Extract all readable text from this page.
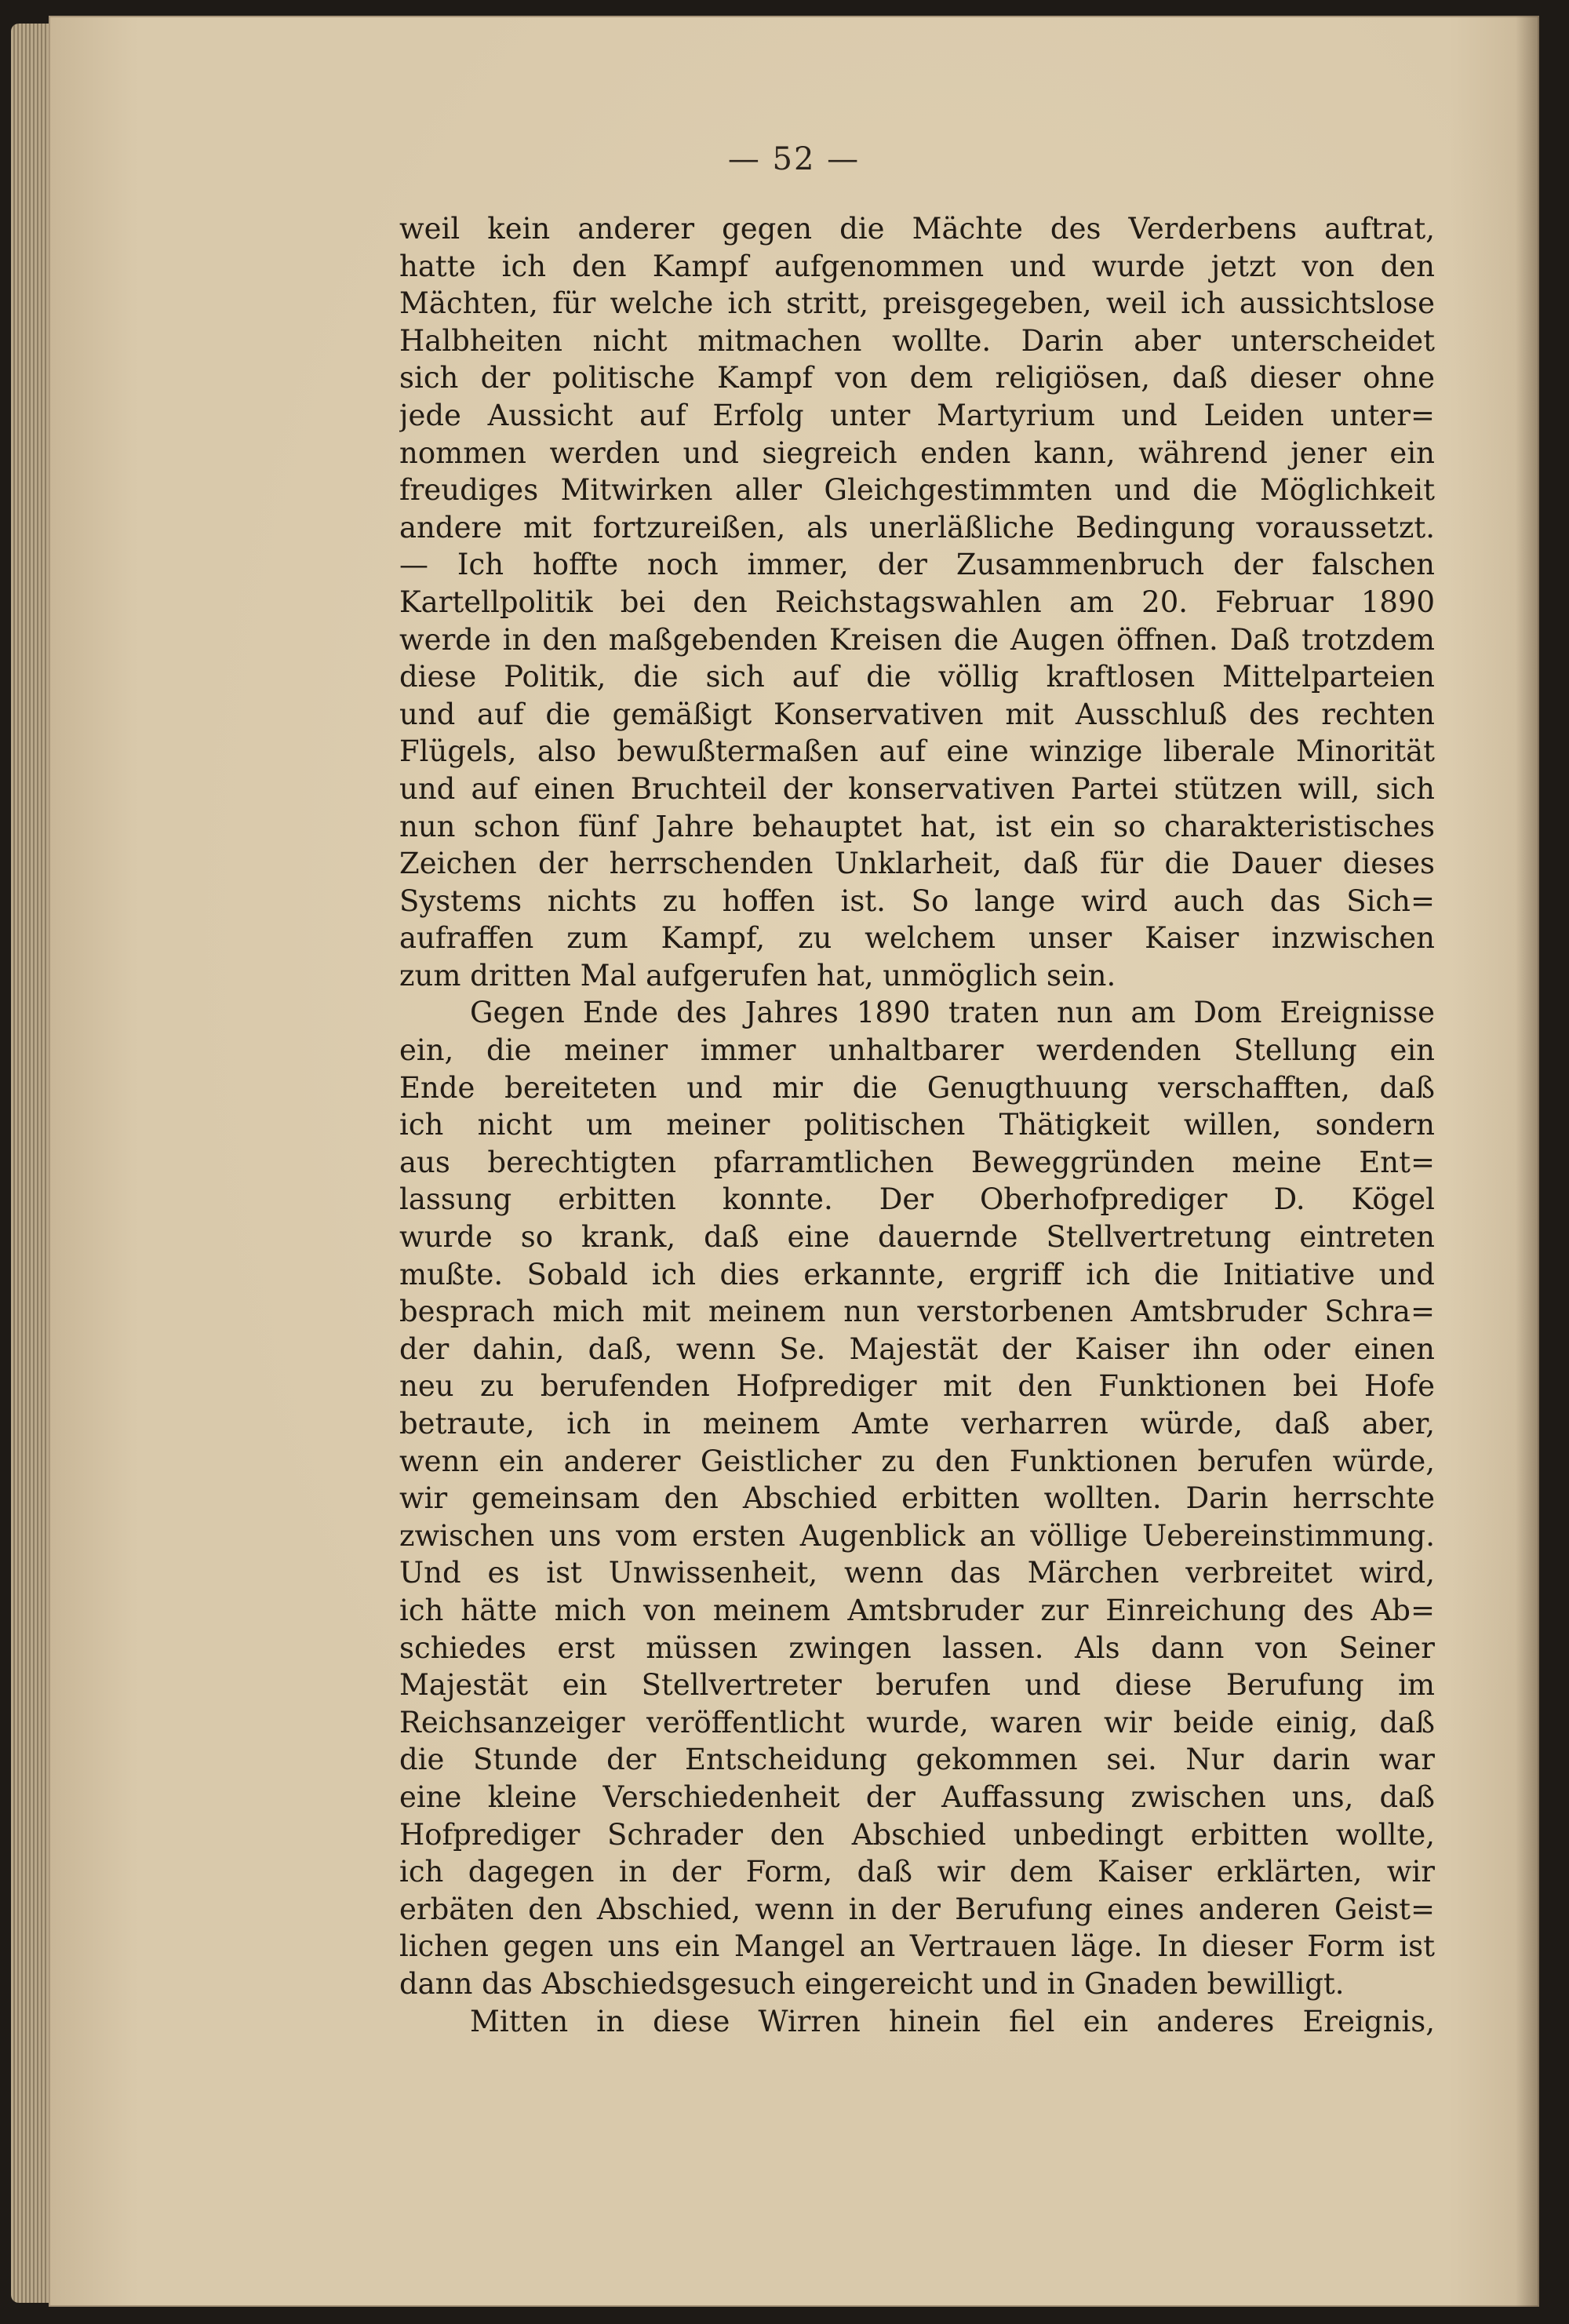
— 52 —
weil kein anderer gegen die Mächte des Verderbens auftrat,
hatte ich den Kampf aufgenommen und wurde jetzt von den
Mächten, für welche ich stritt, preisgegeben, weil ich aussichtslose
Halbheiten nicht mitmachen wollte. Darin aber unterscheidet
sich der politische Kampf von dem religiösen, daß dieser ohne
jede Aussicht auf Erfolg unter Martyrium und Leiden unter=
nommen werden und siegreich enden kann, während jener ein
freudiges Mitwirken aller Gleichgestimmten und die Möglichkeit
andere mit fortzureißen, als unerläßliche Bedingung voraussetzt.
— Ich hoffte noch immer, der Zusammenbruch der falschen
Kartellpolitik bei den Reichstagswahlen am 20. Februar 1890
werde in den maßgebenden Kreisen die Augen öffnen. Daß trotzdem
diese Politik, die sich auf die völlig kraftlosen Mittelparteien
und auf die gemäßigt Konservativen mit Ausschluß des rechten
Flügels, also bewußtermaßen auf eine winzige liberale Minorität
und auf einen Bruchteil der konservativen Partei stützen will, sich
nun schon fünf Jahre behauptet hat, ist ein so charakteristisches
Zeichen der herrschenden Unklarheit, daß für die Dauer dieses
Systems nichts zu hoffen ist. So lange wird auch das Sich=
aufraffen zum Kampf, zu welchem unser Kaiser inzwischen
zum dritten Mal aufgerufen hat, unmöglich sein.
Gegen Ende des Jahres 1890 traten nun am Dom Ereignisse
ein, die meiner immer unhaltbarer werdenden Stellung ein
Ende bereiteten und mir die Genugthuung verschafften, daß
ich nicht um meiner politischen Thätigkeit willen, sondern
aus berechtigten pfarramtlichen Beweggründen meine Ent=
lassung erbitten konnte. Der Oberhofprediger D. Kögel
wurde so krank, daß eine dauernde Stellvertretung eintreten
mußte. Sobald ich dies erkannte, ergriff ich die Initiative und
besprach mich mit meinem nun verstorbenen Amtsbruder Schra=
der dahin, daß, wenn Se. Majestät der Kaiser ihn oder einen
neu zu berufenden Hofprediger mit den Funktionen bei Hofe
betraute, ich in meinem Amte verharren würde, daß aber,
wenn ein anderer Geistlicher zu den Funktionen berufen würde,
wir gemeinsam den Abschied erbitten wollten. Darin herrschte
zwischen uns vom ersten Augenblick an völlige Uebereinstimmung.
Und es ist Unwissenheit, wenn das Märchen verbreitet wird,
ich hätte mich von meinem Amtsbruder zur Einreichung des Ab=
schiedes erst müssen zwingen lassen. Als dann von Seiner
Majestät ein Stellvertreter berufen und diese Berufung im
Reichsanzeiger veröffentlicht wurde, waren wir beide einig, daß
die Stunde der Entscheidung gekommen sei. Nur darin war
eine kleine Verschiedenheit der Auffassung zwischen uns, daß
Hofprediger Schrader den Abschied unbedingt erbitten wollte,
ich dagegen in der Form, daß wir dem Kaiser erklärten, wir
erbäten den Abschied, wenn in der Berufung eines anderen Geist=
lichen gegen uns ein Mangel an Vertrauen läge. In dieser Form ist
dann das Abschiedsgesuch eingereicht und in Gnaden bewilligt.
Mitten in diese Wirren hinein fiel ein anderes Ereignis,
